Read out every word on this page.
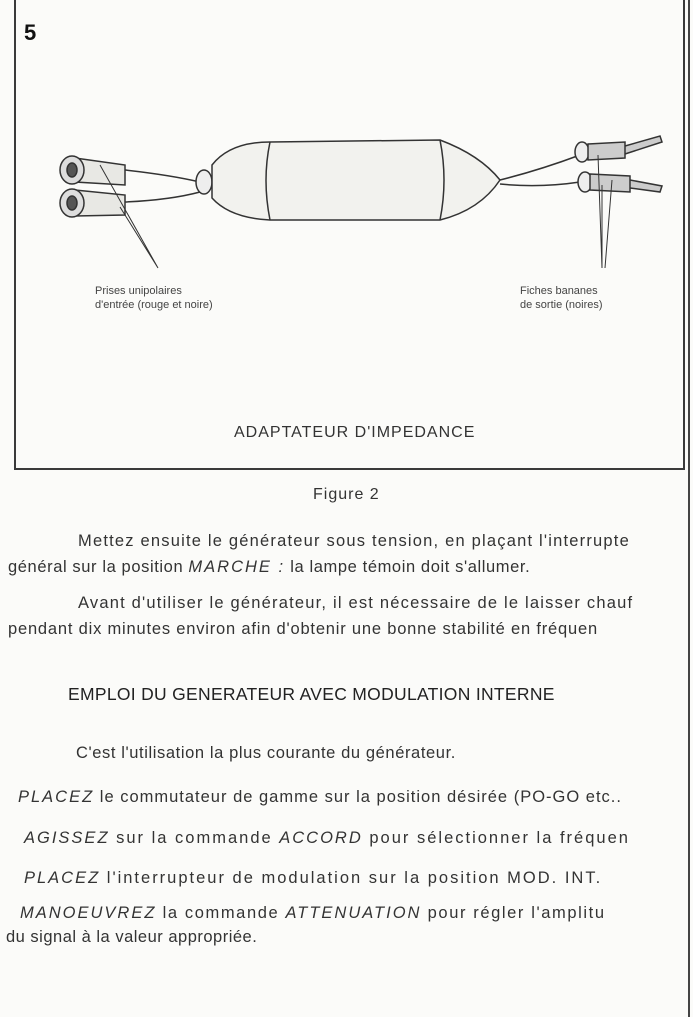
5
Prises unipolaires
d'entrée (rouge et noire)
Fiches bananes
de sortie (noires)
ADAPTATEUR D'IMPEDANCE
Figure 2
Mettez ensuite le générateur sous tension, en plaçant l'interrupte
général sur la position MARCHE : la lampe témoin doit s'allumer.
Avant d'utiliser le générateur, il est nécessaire de le laisser chauf
pendant dix minutes environ afin d'obtenir une bonne stabilité en fréquen
EMPLOI DU GENERATEUR AVEC MODULATION INTERNE
C'est l'utilisation la plus courante du générateur.
PLACEZ le commutateur de gamme sur la position désirée (PO-GO etc..
AGISSEZ sur la commande ACCORD pour sélectionner la fréquen
PLACEZ l'interrupteur de modulation sur la position MOD. INT.
MANOEUVREZ la commande ATTENUATION pour régler l'amplitu
du signal à la valeur appropriée.
